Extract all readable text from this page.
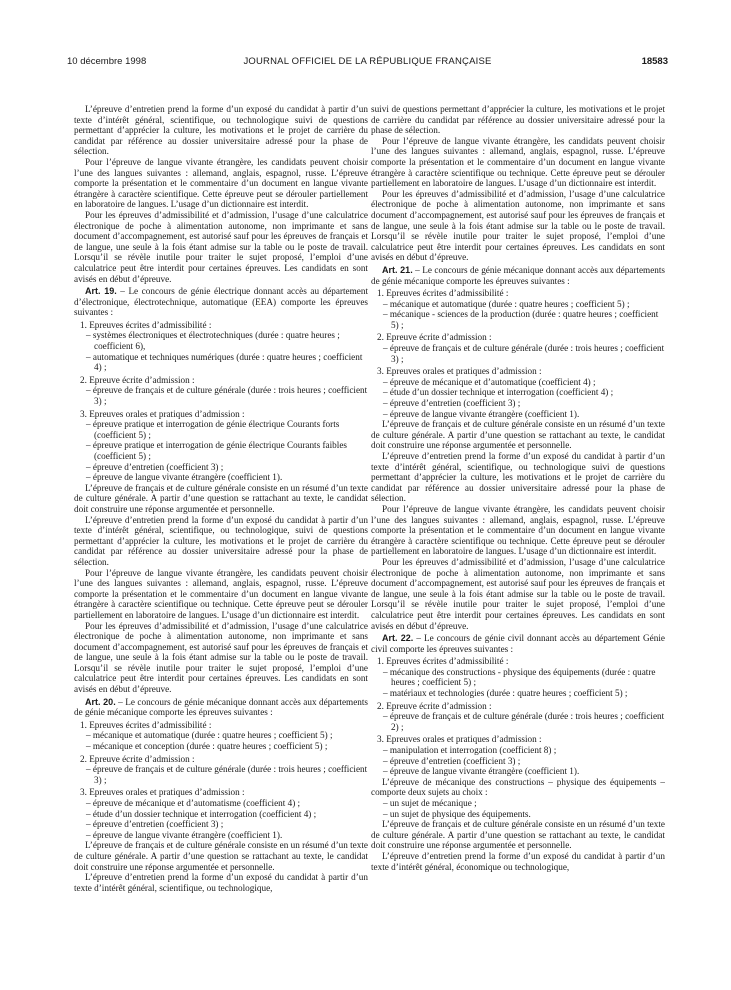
10 décembre 1998	JOURNAL OFFICIEL DE LA RÉPUBLIQUE FRANÇAISE	18583
L’épreuve d’entretien prend la forme d’un exposé du candidat à partir d’un texte d’intérêt général, scientifique, ou technologique suivi de questions permettant d’apprécier la culture, les motivations et le projet de carrière du candidat par référence au dossier universitaire adressé pour la phase de sélection.
Pour l’épreuve de langue vivante étrangère, les candidats peuvent choisir l’une des langues suivantes : allemand, anglais, espagnol, russe. L’épreuve comporte la présentation et le commentaire d’un document en langue vivante étrangère à caractère scientifique. Cette épreuve peut se dérouler partiellement en laboratoire de langues. L’usage d’un dictionnaire est interdit.
Pour les épreuves d’admissibilité et d’admission, l’usage d’une calculatrice électronique de poche à alimentation autonome, non imprimante et sans document d’accompagnement, est autorisé sauf pour les épreuves de français et de langue, une seule à la fois étant admise sur la table ou le poste de travail. Lorsqu’il se révèle inutile pour traiter le sujet proposé, l’emploi d’une calculatrice peut être interdit pour certaines épreuves. Les candidats en sont avisés en début d’épreuve.
Art. 19. – Le concours de génie électrique donnant accès au département d’électronique, électrotechnique, automatique (EEA) comporte les épreuves suivantes :
1. Epreuves écrites d’admissibilité :
– systèmes électroniques et électrotechniques (durée : quatre heures ; coefficient 6),
– automatique et techniques numériques (durée : quatre heures ; coefficient 4) ;
2. Epreuve écrite d’admission :
– épreuve de français et de culture générale (durée : trois heures ; coefficient 3) ;
3. Epreuves orales et pratiques d’admission :
– épreuve pratique et interrogation de génie électrique Courants forts (coefficient 5) ;
– épreuve pratique et interrogation de génie électrique Courants faibles (coefficient 5) ;
– épreuve d’entretien (coefficient 3) ;
– épreuve de langue vivante étrangère (coefficient 1).
L’épreuve de français et de culture générale consiste en un résumé d’un texte de culture générale. A partir d’une question se rattachant au texte, le candidat doit construire une réponse argumentée et personnelle.
L’épreuve d’entretien prend la forme d’un exposé du candidat à partir d’un texte d’intérêt général, scientifique, ou technologique, suivi de questions permettant d’apprécier la culture, les motivations et le projet de carrière du candidat par référence au dossier universitaire adressé pour la phase de sélection.
Pour l’épreuve de langue vivante étrangère, les candidats peuvent choisir l’une des langues suivantes : allemand, anglais, espagnol, russe. L’épreuve comporte la présentation et le commentaire d’un document en langue vivante étrangère à caractère scientifique ou technique. Cette épreuve peut se dérouler partiellement en laboratoire de langues. L’usage d’un dictionnaire est interdit.
Pour les épreuves d’admissibilité et d’admission, l’usage d’une calculatrice électronique de poche à alimentation autonome, non imprimante et sans document d’accompagnement, est autorisé sauf pour les épreuves de français et de langue, une seule à la fois étant admise sur la table ou le poste de travail. Lorsqu’il se révèle inutile pour traiter le sujet proposé, l’emploi d’une calculatrice peut être interdit pour certaines épreuves. Les candidats en sont avisés en début d’épreuve.
Art. 20. – Le concours de génie mécanique donnant accès aux départements de génie mécanique comporte les épreuves suivantes :
1. Epreuves écrites d’admissibilité :
– mécanique et automatique (durée : quatre heures ; coefficient 5) ;
– mécanique et conception (durée : quatre heures ; coefficient 5) ;
2. Epreuve écrite d’admission :
– épreuve de français et de culture générale (durée : trois heures ; coefficient 3) ;
3. Epreuves orales et pratiques d’admission :
– épreuve de mécanique et d’automatisme (coefficient 4) ;
– étude d’un dossier technique et interrogation (coefficient 4) ;
– épreuve d’entretien (coefficient 3) ;
– épreuve de langue vivante étrangère (coefficient 1).
L’épreuve de français et de culture générale consiste en un résumé d’un texte de culture générale. A partir d’une question se rattachant au texte, le candidat doit construire une réponse argumentée et personnelle.
L’épreuve d’entretien prend la forme d’un exposé du candidat à partir d’un texte d’intérêt général, scientifique, ou technologique,
suivi de questions permettant d’apprécier la culture, les motivations et le projet de carrière du candidat par référence au dossier universitaire adressé pour la phase de sélection.
Pour l’épreuve de langue vivante étrangère, les candidats peuvent choisir l’une des langues suivantes : allemand, anglais, espagnol, russe. L’épreuve comporte la présentation et le commentaire d’un document en langue vivante étrangère à caractère scientifique ou technique. Cette épreuve peut se dérouler partiellement en laboratoire de langues. L’usage d’un dictionnaire est interdit.
Pour les épreuves d’admissibilité et d’admission, l’usage d’une calculatrice électronique de poche à alimentation autonome, non imprimante et sans document d’accompagnement, est autorisé sauf pour les épreuves de français et de langue, une seule à la fois étant admise sur la table ou le poste de travail. Lorsqu’il se révèle inutile pour traiter le sujet proposé, l’emploi d’une calculatrice peut être interdit pour certaines épreuves. Les candidats en sont avisés en début d’épreuve.
Art. 21. – Le concours de génie mécanique donnant accès aux départements de génie mécanique comporte les épreuves suivantes :
1. Epreuves écrites d’admissibilité :
– mécanique et automatique (durée : quatre heures ; coefficient 5) ;
– mécanique - sciences de la production (durée : quatre heures ; coefficient 5) ;
2. Epreuve écrite d’admission :
– épreuve de français et de culture générale (durée : trois heures ; coefficient 3) ;
3. Epreuves orales et pratiques d’admission :
– épreuve de mécanique et d’automatique (coefficient 4) ;
– étude d’un dossier technique et interrogation (coefficient 4) ;
– épreuve d’entretien (coefficient 3) ;
– épreuve de langue vivante étrangère (coefficient 1).
L’épreuve de français et de culture générale consiste en un résumé d’un texte de culture générale. A partir d’une question se rattachant au texte, le candidat doit construire une réponse argumentée et personnelle.
L’épreuve d’entretien prend la forme d’un exposé du candidat à partir d’un texte d’intérêt général, scientifique, ou technologique suivi de questions permettant d’apprécier la culture, les motivations et le projet de carrière du candidat par référence au dossier universitaire adressé pour la phase de sélection.
Pour l’épreuve de langue vivante étrangère, les candidats peuvent choisir l’une des langues suivantes : allemand, anglais, espagnol, russe. L’épreuve comporte la présentation et le commentaire d’un document en langue vivante étrangère à caractère scientifique ou technique. Cette épreuve peut se dérouler partiellement en laboratoire de langues. L’usage d’un dictionnaire est interdit.
Pour les épreuves d’admissibilité et d’admission, l’usage d’une calculatrice électronique de poche à alimentation autonome, non imprimante et sans document d’accompagnement, est autorisé sauf pour les épreuves de français et de langue, une seule à la fois étant admise sur la table ou le poste de travail. Lorsqu’il se révèle inutile pour traiter le sujet proposé, l’emploi d’une calculatrice peut être interdit pour certaines épreuves. Les candidats en sont avisés en début d’épreuve.
Art. 22. – Le concours de génie civil donnant accès au département Génie civil comporte les épreuves suivantes :
1. Epreuves écrites d’admissibilité :
– mécanique des constructions - physique des équipements (durée : quatre heures ; coefficient 5) ;
– matériaux et technologies (durée : quatre heures ; coefficient 5) ;
2. Epreuve écrite d’admission :
– épreuve de français et de culture générale (durée : trois heures ; coefficient 2) ;
3. Epreuves orales et pratiques d’admission :
– manipulation et interrogation (coefficient 8) ;
– épreuve d’entretien (coefficient 3) ;
– épreuve de langue vivante étrangère (coefficient 1).
L’épreuve de mécanique des constructions – physique des équipements – comporte deux sujets au choix :
– un sujet de mécanique ;
– un sujet de physique des équipements.
L’épreuve de français et de culture générale consiste en un résumé d’un texte de culture générale. A partir d’une question se rattachant au texte, le candidat doit construire une réponse argumentée et personnelle.
L’épreuve d’entretien prend la forme d’un exposé du candidat à partir d’un texte d’intérêt général, économique ou technologique,
